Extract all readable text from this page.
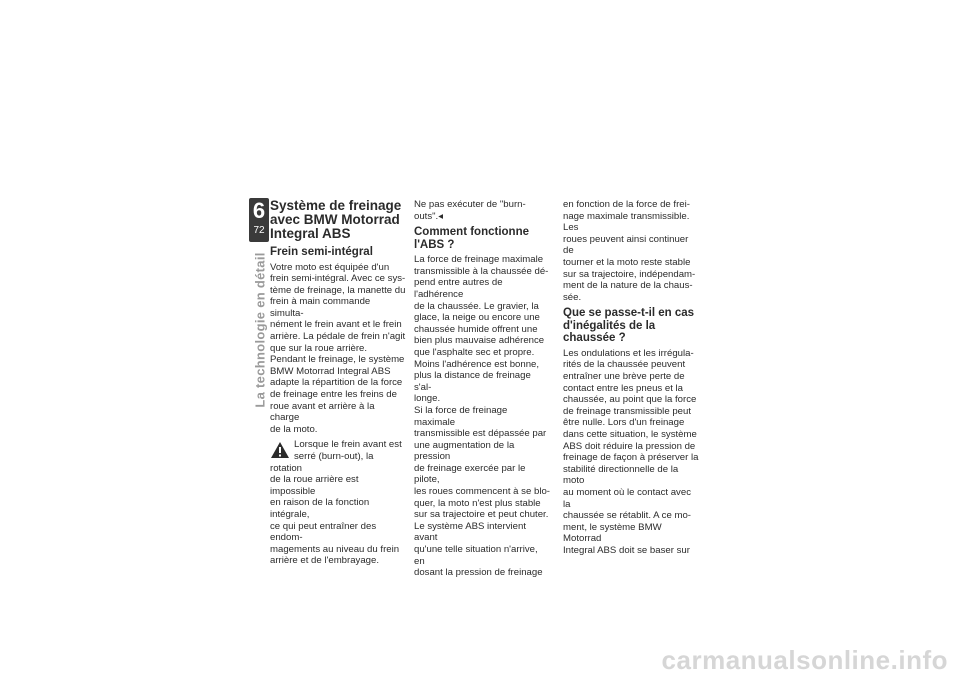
6
72
La technologie en détail
Système de freinage avec BMW Motorrad Integral ABS
Frein semi-intégral

Votre moto est équipée d'un
frein semi-intégral. Avec ce sys-
tème de freinage, la manette du
frein à main commande simulta-
nément le frein avant et le frein
arrière. La pédale de frein n'agit
que sur la roue arrière.

Pendant le freinage, le système
BMW Motorrad Integral ABS
adapte la répartition de la force
de freinage entre les freins de
roue avant et arrière à la charge
de la moto.

Lorsque le frein avant est
serré (burn-out), la rotation
de la roue arrière est impossible
en raison de la fonction intégrale,
ce qui peut entraîner des endom-
magements au niveau du frein
arrière et de l'embrayage.

Ne pas exécuter de "burn-
outs".◂

Comment fonctionne l'ABS ?

La force de freinage maximale
transmissible à la chaussée dé-
pend entre autres de l'adhérence
de la chaussée. Le gravier, la
glace, la neige ou encore une
chaussée humide offrent une
bien plus mauvaise adhérence
que l'asphalte sec et propre.
Moins l'adhérence est bonne,
plus la distance de freinage s'al-
longe.

Si la force de freinage maximale
transmissible est dépassée par
une augmentation de la pression
de freinage exercée par le pilote,
les roues commencent à se blo-
quer, la moto n'est plus stable
sur sa trajectoire et peut chuter.
Le système ABS intervient avant
qu'une telle situation n'arrive, en
dosant la pression de freinage

en fonction de la force de frei-
nage maximale transmissible. Les
roues peuvent ainsi continuer de
tourner et la moto reste stable
sur sa trajectoire, indépendam-
ment de la nature de la chaus-
sée.

Que se passe-t-il en cas d'inégalités de la chaussée ?

Les ondulations et les irrégula-
rités de la chaussée peuvent
entraîner une brève perte de
contact entre les pneus et la
chaussée, au point que la force
de freinage transmissible peut
être nulle. Lors d'un freinage
dans cette situation, le système
ABS doit réduire la pression de
freinage de façon à préserver la
stabilité directionnelle de la moto
au moment où le contact avec la
chaussée se rétablit. A ce mo-
ment, le système BMW Motorrad
Integral ABS doit se baser sur

carmanualsonline.info
